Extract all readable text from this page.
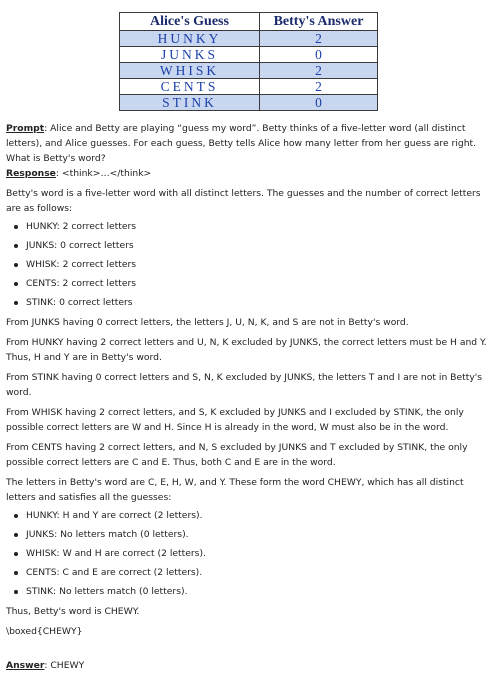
Alice's Guess	Betty's Answer
HUNKY	2
JUNKS	0
WHISK	2
CENTS	2
STINK	0

Prompt: Alice and Betty are playing “guess my word”. Betty thinks of a five-letter word (all distinct letters), and Alice guesses. For each guess, Betty tells Alice how many letter from her guess are right. What is Betty's word?

Response: <think>…</think>

Betty's word is a five-letter word with all distinct letters. The guesses and the number of correct letters are as follows:

HUNKY: 2 correct letters
JUNKS: 0 correct letters
WHISK: 2 correct letters
CENTS: 2 correct letters
STINK: 0 correct letters

From JUNKS having 0 correct letters, the letters J, U, N, K, and S are not in Betty's word.

From HUNKY having 2 correct letters and U, N, K excluded by JUNKS, the correct letters must be H and Y. Thus, H and Y are in Betty's word.

From STINK having 0 correct letters and S, N, K excluded by JUNKS, the letters T and I are not in Betty's word.

From WHISK having 2 correct letters, and S, K excluded by JUNKS and I excluded by STINK, the only possible correct letters are W and H. Since H is already in the word, W must also be in the word.

From CENTS having 2 correct letters, and N, S excluded by JUNKS and T excluded by STINK, the only possible correct letters are C and E. Thus, both C and E are in the word.

The letters in Betty's word are C, E, H, W, and Y. These form the word CHEWY, which has all distinct letters and satisfies all the guesses:

HUNKY: H and Y are correct (2 letters).
JUNKS: No letters match (0 letters).
WHISK: W and H are correct (2 letters).
CENTS: C and E are correct (2 letters).
STINK: No letters match (0 letters).

Thus, Betty's word is CHEWY.

\boxed{CHEWY}

Answer: CHEWY
